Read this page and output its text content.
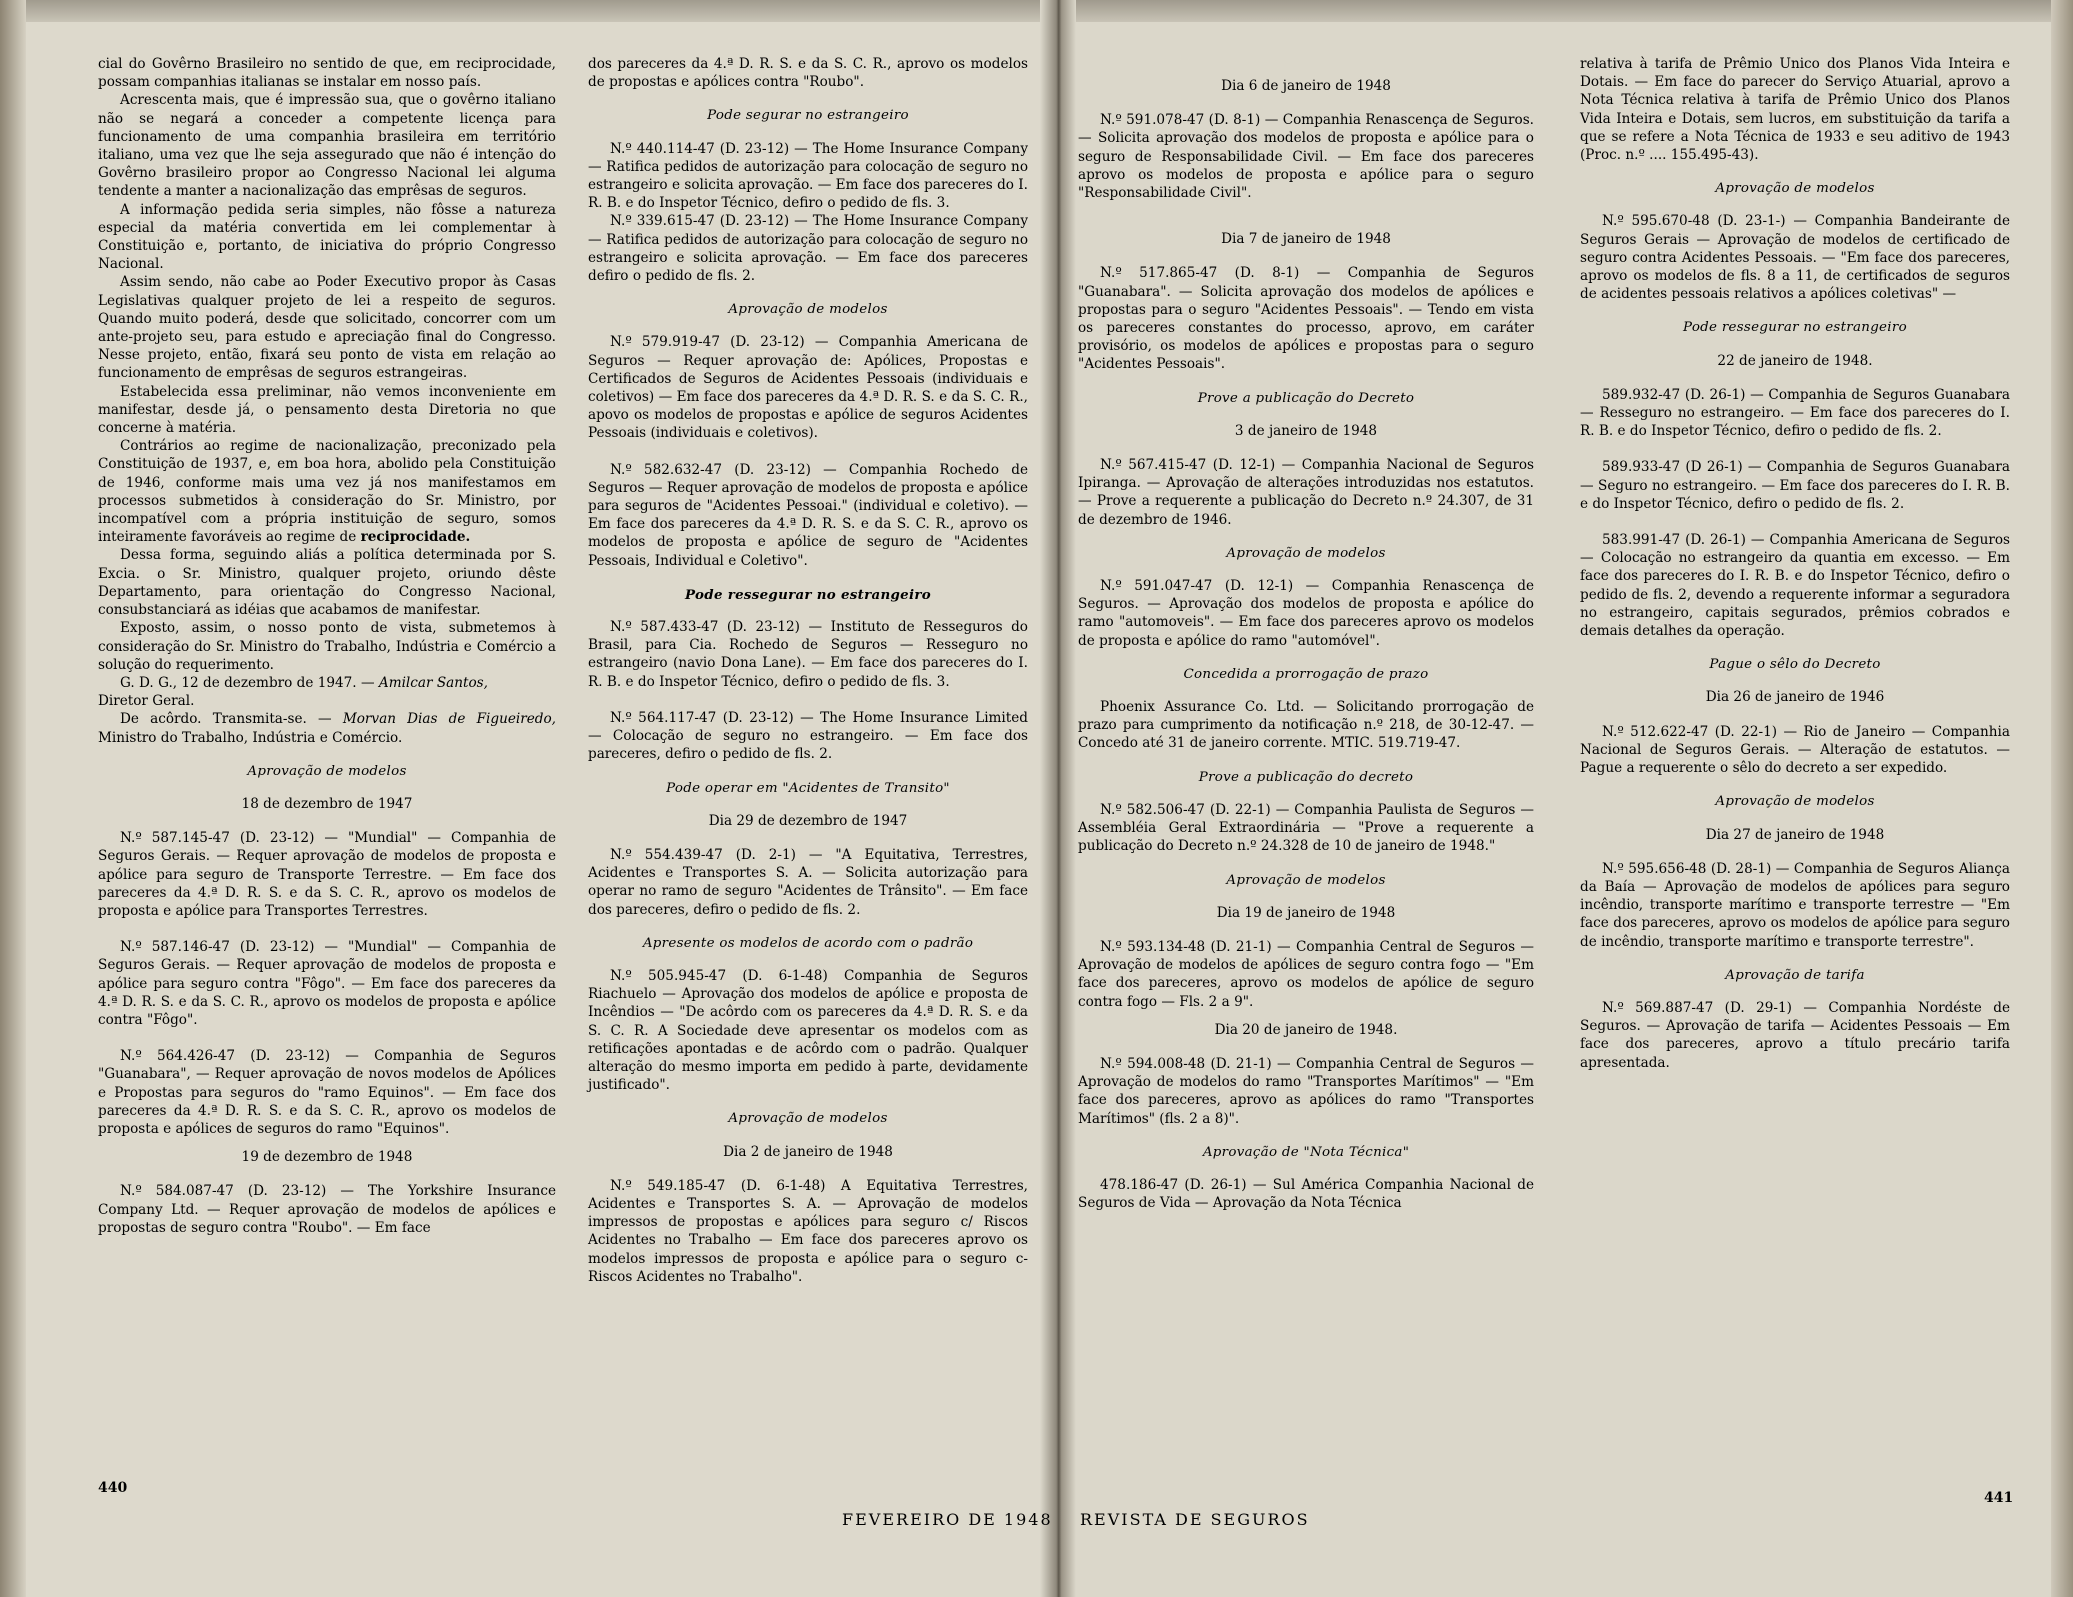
cial do Govêrno Brasileiro no sentido de que, em reciprocidade, possam companhias italianas se instalar em nosso país.

Acrescenta mais, que é impressão sua, que o govêrno italiano não se negará a conceder a competente licença para funcionamento de uma companhia brasileira em território italiano, uma vez que lhe seja assegurado que não é intenção do Govêrno brasileiro propor ao Congresso Nacional lei alguma tendente a manter a nacionalização das emprêsas de seguros.

A informação pedida seria simples, não fôsse a natureza especial da matéria convertida em lei complementar à Constituição e, portanto, de iniciativa do próprio Congresso Nacional.

Assim sendo, não cabe ao Poder Executivo propor às Casas Legislativas qualquer projeto de lei a respeito de seguros. Quando muito poderá, desde que solicitado, concorrer com um ante-projeto seu, para estudo e apreciação final do Congresso. Nesse projeto, então, fixará seu ponto de vista em relação ao funcionamento de emprêsas de seguros estrangeiras.

Estabelecida essa preliminar, não vemos inconveniente em manifestar, desde já, o pensamento desta Diretoria no que concerne à matéria.

Contrários ao regime de nacionalização, preconizado pela Constituição de 1937, e, em boa hora, abolido pela Constituição de 1946, conforme mais uma vez já nos manifestamos em processos submetidos à consideração do Sr. Ministro, por incompatível com a própria instituição de seguro, somos inteiramente favoráveis ao regime de reciprocidade.

Dessa forma, seguindo aliás a política determinada por S. Excia. o Sr. Ministro, qualquer projeto, oriundo dêste Departamento, para orientação do Congresso Nacional, consubstanciará as idéias que acabamos de manifestar.

Exposto, assim, o nosso ponto de vista, submetemos à consideração do Sr. Ministro do Trabalho, Indústria e Comércio a solução do requerimento.

G. D. G., 12 de dezembro de 1947. — Amilcar Santos,
Diretor Geral.

De acôrdo. Transmita-se. — Morvan Dias de Figueiredo, Ministro do Trabalho, Indústria e Comércio.

Aprovação de modelos
18 de dezembro de 1947

N.º 587.145-47 (D. 23-12) — "Mundial" — Companhia de Seguros Gerais. — Requer aprovação de modelos de proposta e apólice para seguro de Transporte Terrestre. — Em face dos pareceres da 4.ª D. R. S. e da S. C. R., aprovo os modelos de proposta e apólice para Transportes Terrestres.

N.º 587.146-47 (D. 23-12) — "Mundial" — Companhia de Seguros Gerais. — Requer aprovação de modelos de proposta e apólice para seguro contra "Fôgo". — Em face dos pareceres da 4.ª D. R. S. e da S. C. R., aprovo os modelos de proposta e apólice contra "Fôgo".

N.º 564.426-47 (D. 23-12) — Companhia de Seguros "Guanabara", — Requer aprovação de novos modelos de Apólices e Propostas para seguros do "ramo Equinos". — Em face dos pareceres da 4.ª D. R. S. e da S. C. R., aprovo os modelos de proposta e apólices de seguros do ramo "Equinos".

19 de dezembro de 1948

N.º 584.087-47 (D. 23-12) — The Yorkshire Insurance Company Ltd. — Requer aprovação de modelos de apólices e propostas de seguro contra "Roubo". — Em face

dos pareceres da 4.ª D. R. S. e da S. C. R., aprovo os modelos de propostas e apólices contra "Roubo".

Pode segurar no estrangeiro

N.º 440.114-47 (D. 23-12) — The Home Insurance Company — Ratifica pedidos de autorização para colocação de seguro no estrangeiro e solicita aprovação. — Em face dos pareceres do I. R. B. e do Inspetor Técnico, defiro o pedido de fls. 3.

N.º 339.615-47 (D. 23-12) — The Home Insurance Company — Ratifica pedidos de autorização para colocação de seguro no estrangeiro e solicita aprovação. — Em face dos pareceres defiro o pedido de fls. 2.

Aprovação de modelos

N.º 579.919-47 (D. 23-12) — Companhia Americana de Seguros — Requer aprovação de: Apólices, Propostas e Certificados de Seguros de Acidentes Pessoais (individuais e coletivos) — Em face dos pareceres da 4.ª D. R. S. e da S. C. R., apovo os modelos de propostas e apólice de seguros Acidentes Pessoais (individuais e coletivos).

N.º 582.632-47 (D. 23-12) — Companhia Rochedo de Seguros — Requer aprovação de modelos de proposta e apólice para seguros de "Acidentes Pessoai." (individual e coletivo). — Em face dos pareceres da 4.ª D. R. S. e da S. C. R., aprovo os modelos de proposta e apólice de seguro de "Acidentes Pessoais, Individual e Coletivo".

Pode ressegurar no estrangeiro

N.º 587.433-47 (D. 23-12) — Instituto de Resseguros do Brasil, para Cia. Rochedo de Seguros — Resseguro no estrangeiro (navio Dona Lane). — Em face dos pareceres do I. R. B. e do Inspetor Técnico, defiro o pedido de fls. 3.

N.º 564.117-47 (D. 23-12) — The Home Insurance Limited — Colocação de seguro no estrangeiro. — Em face dos pareceres, defiro o pedido de fls. 2.

Pode operar em "Acidentes de Transito"
Dia 29 de dezembro de 1947

N.º 554.439-47 (D. 2-1) — "A Equitativa, Terrestres, Acidentes e Transportes S. A. — Solicita autorização para operar no ramo de seguro "Acidentes de Trânsito". — Em face dos pareceres, defiro o pedido de fls. 2.

Apresente os modelos de acordo com o padrão

N.º 505.945-47 (D. 6-1-48) Companhia de Seguros Riachuelo — Aprovação dos modelos de apólice e proposta de Incêndios — "De acôrdo com os pareceres da 4.ª D. R. S. e da S. C. R. A Sociedade deve apresentar os modelos com as retificações apontadas e de acôrdo com o padrão. Qualquer alteração do mesmo importa em pedido à parte, devidamente justificado".

Aprovação de modelos
Dia 2 de janeiro de 1948

N.º 549.185-47 (D. 6-1-48) A Equitativa Terrestres, Acidentes e Transportes S. A. — Aprovação de modelos impressos de propostas e apólices para seguro c/ Riscos Acidentes no Trabalho — Em face dos pareceres aprovo os modelos impressos de proposta e apólice para o seguro c-Riscos Acidentes no Trabalho".

440
FEVEREIRO DE 1948
Dia 6 de janeiro de 1948

N.º 591.078-47 (D. 8-1) — Companhia Renascença de Seguros. — Solicita aprovação dos modelos de proposta e apólice para o seguro de Responsabilidade Civil. — Em face dos pareceres aprovo os modelos de proposta e apólice para o seguro "Responsabilidade Civil".

Dia 7 de janeiro de 1948

N.º 517.865-47 (D. 8-1) — Companhia de Seguros "Guanabara". — Solicita aprovação dos modelos de apólices e propostas para o seguro "Acidentes Pessoais". — Tendo em vista os pareceres constantes do processo, aprovo, em caráter provisório, os modelos de apólices e propostas para o seguro "Acidentes Pessoais".

Prove a publicação do Decreto
3 de janeiro de 1948

N.º 567.415-47 (D. 12-1) — Companhia Nacional de Seguros Ipiranga. — Aprovação de alterações introduzidas nos estatutos. — Prove a requerente a publicação do Decreto n.º 24.307, de 31 de dezembro de 1946.

Aprovação de modelos

N.º 591.047-47 (D. 12-1) — Companhia Renascença de Seguros. — Aprovação dos modelos de proposta e apólice do ramo "automoveis". — Em face dos pareceres aprovo os modelos de proposta e apólice do ramo "automóvel".

Concedida a prorrogação de prazo

Phoenix Assurance Co. Ltd. — Solicitando prorrogação de prazo para cumprimento da notificação n.º 218, de 30-12-47. — Concedo até 31 de janeiro corrente. MTIC. 519.719-47.

Prove a publicação do decreto

N.º 582.506-47 (D. 22-1) — Companhia Paulista de Seguros — Assembléia Geral Extraordinária — "Prove a requerente a publicação do Decreto n.º 24.328 de 10 de janeiro de 1948."

Aprovação de modelos
Dia 19 de janeiro de 1948

N.º 593.134-48 (D. 21-1) — Companhia Central de Seguros — Aprovação de modelos de apólices de seguro contra fogo — "Em face dos pareceres, aprovo os modelos de apólice de seguro contra fogo — Fls. 2 a 9".

Dia 20 de janeiro de 1948.

N.º 594.008-48 (D. 21-1) — Companhia Central de Seguros — Aprovação de modelos do ramo "Transportes Marítimos" — "Em face dos pareceres, aprovo as apólices do ramo "Transportes Marítimos" (fls. 2 a 8)".

Aprovação de "Nota Técnica"

478.186-47 (D. 26-1) — Sul América Companhia Nacional de Seguros de Vida — Aprovação da Nota Técnica

relativa à tarifa de Prêmio Unico dos Planos Vida Inteira e Dotais. — Em face do parecer do Serviço Atuarial, aprovo a Nota Técnica relativa à tarifa de Prêmio Unico dos Planos Vida Inteira e Dotais, sem lucros, em substituição da tarifa a que se refere a Nota Técnica de 1933 e seu aditivo de 1943 (Proc. n.º .... 155.495-43).

Aprovação de modelos

N.º 595.670-48 (D. 23-1-) — Companhia Bandeirante de Seguros Gerais — Aprovação de modelos de certificado de seguro contra Acidentes Pessoais. — "Em face dos pareceres, aprovo os modelos de fls. 8 a 11, de certificados de seguros de acidentes pessoais relativos a apólices coletivas" —

Pode ressegurar no estrangeiro
22 de janeiro de 1948.

589.932-47 (D. 26-1) — Companhia de Seguros Guanabara — Resseguro no estrangeiro. — Em face dos pareceres do I. R. B. e do Inspetor Técnico, defiro o pedido de fls. 2.

589.933-47 (D 26-1) — Companhia de Seguros Guanabara — Seguro no estrangeiro. — Em face dos pareceres do I. R. B. e do Inspetor Técnico, defiro o pedido de fls. 2.

583.991-47 (D. 26-1) — Companhia Americana de Seguros — Colocação no estrangeiro da quantia em excesso. — Em face dos pareceres do I. R. B. e do Inspetor Técnico, defiro o pedido de fls. 2, devendo a requerente informar a seguradora no estrangeiro, capitais segurados, prêmios cobrados e demais detalhes da operação.

Pague o sêlo do Decreto
Dia 26 de janeiro de 1946

N.º 512.622-47 (D. 22-1) — Rio de Janeiro — Companhia Nacional de Seguros Gerais. — Alteração de estatutos. — Pague a requerente o sêlo do decreto a ser expedido.

Aprovação de modelos
Dia 27 de janeiro de 1948

N.º 595.656-48 (D. 28-1) — Companhia de Seguros Aliança da Baía — Aprovação de modelos de apólices para seguro incêndio, transporte marítimo e transporte terrestre — "Em face dos pareceres, aprovo os modelos de apólice para seguro de incêndio, transporte marítimo e transporte terrestre".

Aprovação de tarifa

N.º 569.887-47 (D. 29-1) — Companhia Nordéste de Seguros. — Aprovação de tarifa — Acidentes Pessoais — Em face dos pareceres, aprovo a título precário tarifa apresentada.

REVISTA DE SEGUROS
441
